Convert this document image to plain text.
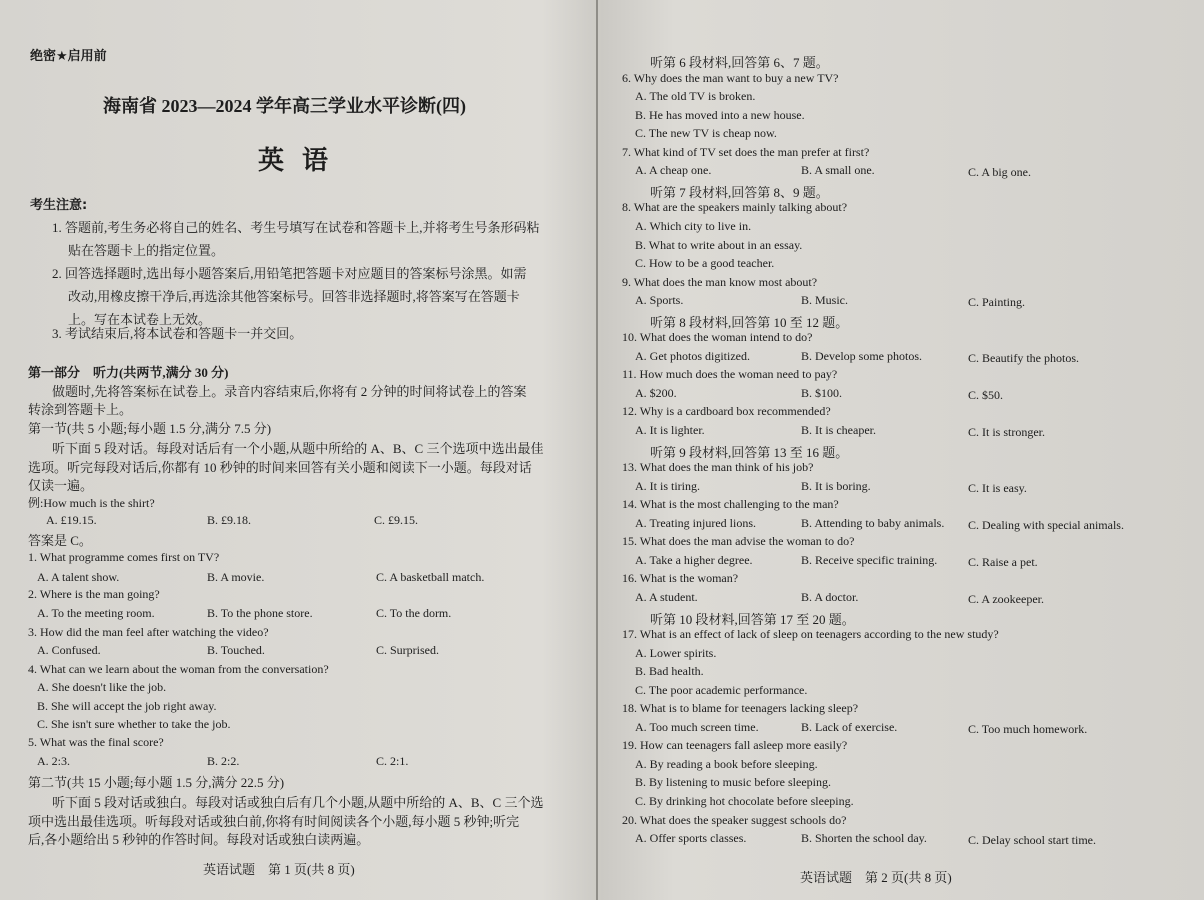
绝密★启用前
海南省 2023—2024 学年高三学业水平诊断(四)
英语
考生注意:
1. 答题前,考生务必将自己的姓名、考生号填写在试卷和答题卡上,并将考生号条形码粘
贴在答题卡上的指定位置。
2. 回答选择题时,选出每小题答案后,用铅笔把答题卡对应题目的答案标号涂黑。如需
改动,用橡皮擦干净后,再选涂其他答案标号。回答非选择题时,将答案写在答题卡
上。写在本试卷上无效。
3. 考试结束后,将本试卷和答题卡一并交回。
第一部分　听力(共两节,满分 30 分)
做题时,先将答案标在试卷上。录音内容结束后,你将有 2 分钟的时间将试卷上的答案
转涂到答题卡上。
第一节(共 5 小题;每小题 1.5 分,满分 7.5 分)
听下面 5 段对话。每段对话后有一个小题,从题中所给的 A、B、C 三个选项中选出最佳
选项。听完每段对话后,你都有 10 秒钟的时间来回答有关小题和阅读下一小题。每段对话
仅读一遍。
例:How much is the shirt?
A. £19.15.	B. £9.18.	C. £9.15.
答案是 C。
1. What programme comes first on TV?
A. A talent show.	B. A movie.	C. A basketball match.
2. Where is the man going?
A. To the meeting room.	B. To the phone store.	C. To the dorm.
3. How did the man feel after watching the video?
A. Confused.	B. Touched.	C. Surprised.
4. What can we learn about the woman from the conversation?
A. She doesn't like the job.
B. She will accept the job right away.
C. She isn't sure whether to take the job.
5. What was the final score?
A. 2:3.	B. 2:2.	C. 2:1.
第二节(共 15 小题;每小题 1.5 分,满分 22.5 分)
听下面 5 段对话或独白。每段对话或独白后有几个小题,从题中所给的 A、B、C 三个选
项中选出最佳选项。听每段对话或独白前,你将有时间阅读各个小题,每小题 5 秒钟;听完
后,各小题给出 5 秒钟的作答时间。每段对话或独白读两遍。
英语试题　第 1 页(共 8 页)
听第 6 段材料,回答第 6、7 题。
6. Why does the man want to buy a new TV?
A. The old TV is broken.
B. He has moved into a new house.
C. The new TV is cheap now.
7. What kind of TV set does the man prefer at first?
A. A cheap one.	B. A small one.	C. A big one.
听第 7 段材料,回答第 8、9 题。
8. What are the speakers mainly talking about?
A. Which city to live in.
B. What to write about in an essay.
C. How to be a good teacher.
9. What does the man know most about?
A. Sports.	B. Music.	C. Painting.
听第 8 段材料,回答第 10 至 12 题。
10. What does the woman intend to do?
A. Get photos digitized.	B. Develop some photos.	C. Beautify the photos.
11. How much does the woman need to pay?
A. $200.	B. $100.	C. $50.
12. Why is a cardboard box recommended?
A. It is lighter.	B. It is cheaper.	C. It is stronger.
听第 9 段材料,回答第 13 至 16 题。
13. What does the man think of his job?
A. It is tiring.	B. It is boring.	C. It is easy.
14. What is the most challenging to the man?
A. Treating injured lions.	B. Attending to baby animals. C. Dealing with special animals.
15. What does the man advise the woman to do?
A. Take a higher degree.	B. Receive specific training.	C. Raise a pet.
16. What is the woman?
A. A student.	B. A doctor.	C. A zookeeper.
听第 10 段材料,回答第 17 至 20 题。
17. What is an effect of lack of sleep on teenagers according to the new study?
A. Lower spirits.
B. Bad health.
C. The poor academic performance.
18. What is to blame for teenagers lacking sleep?
A. Too much screen time.	B. Lack of exercise.	C. Too much homework.
19. How can teenagers fall asleep more easily?
A. By reading a book before sleeping.
B. By listening to music before sleeping.
C. By drinking hot chocolate before sleeping.
20. What does the speaker suggest schools do?
A. Offer sports classes.	B. Shorten the school day.	C. Delay school start time.
英语试题　第 2 页(共 8 页)
